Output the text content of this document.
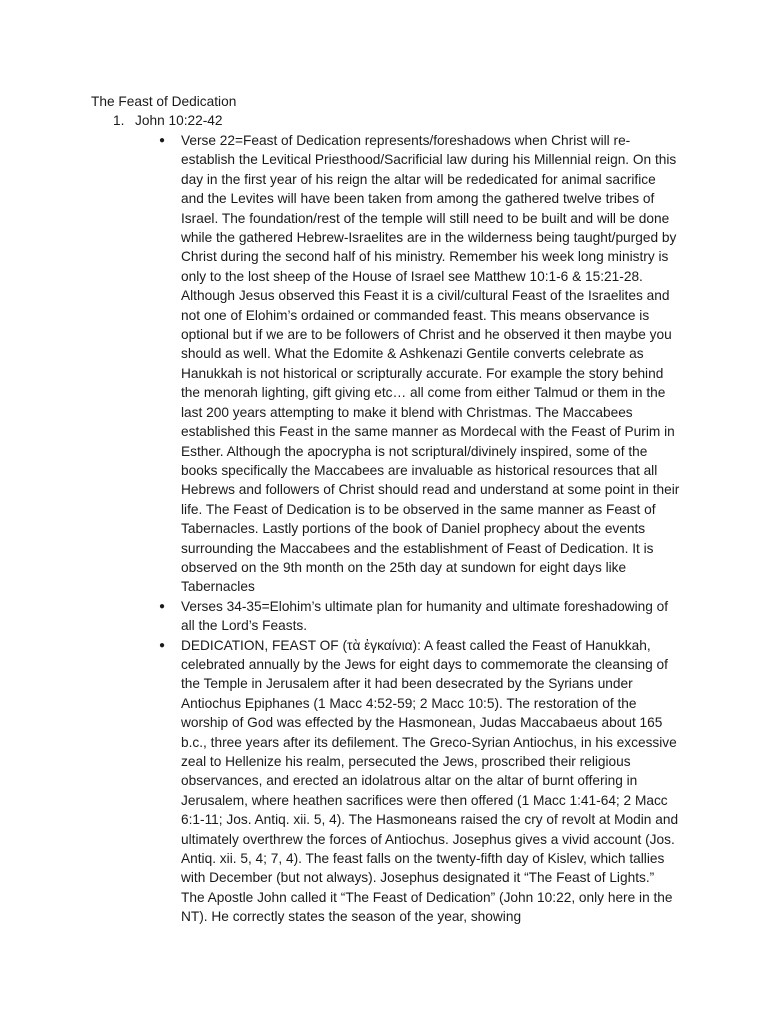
The Feast of Dedication
1. John 10:22-42
● Verse 22=Feast of Dedication represents/foreshadows when Christ will re-establish the Levitical Priesthood/Sacrificial law during his Millennial reign. On this day in the first year of his reign the altar will be rededicated for animal sacrifice and the Levites will have been taken from among the gathered twelve tribes of Israel. The foundation/rest of the temple will still need to be built and will be done while the gathered Hebrew-Israelites are in the wilderness being taught/purged by Christ during the second half of his ministry. Remember his week long ministry is only to the lost sheep of the House of Israel see Matthew 10:1-6 & 15:21-28. Although Jesus observed this Feast it is a civil/cultural Feast of the Israelites and not one of Elohim’s ordained or commanded feast. This means observance is optional but if we are to be followers of Christ and he observed it then maybe you should as well. What the Edomite & Ashkenazi Gentile converts celebrate as Hanukkah is not historical or scripturally accurate. For example the story behind the menorah lighting, gift giving etc… all come from either Talmud or them in the last 200 years attempting to make it blend with Christmas. The Maccabees established this Feast in the same manner as Mordecal with the Feast of Purim in Esther. Although the apocrypha is not scriptural/divinely inspired, some of the books specifically the Maccabees are invaluable as historical resources that all Hebrews and followers of Christ should read and understand at some point in their life. The Feast of Dedication is to be observed in the same manner as Feast of Tabernacles. Lastly portions of the book of Daniel prophecy about the events surrounding the Maccabees and the establishment of Feast of Dedication. It is observed on the 9th month on the 25th day at sundown for eight days like Tabernacles
● Verses 34-35=Elohim’s ultimate plan for humanity and ultimate foreshadowing of all the Lord’s Feasts.
● DEDICATION, FEAST OF (τὰ ἐγκαίνια): A feast called the Feast of Hanukkah, celebrated annually by the Jews for eight days to commemorate the cleansing of the Temple in Jerusalem after it had been desecrated by the Syrians under Antiochus Epiphanes (1 Macc 4:52-59; 2 Macc 10:5). The restoration of the worship of God was effected by the Hasmonean, Judas Maccabaeus about 165 b.c., three years after its defilement. The Greco-Syrian Antiochus, in his excessive zeal to Hellenize his realm, persecuted the Jews, proscribed their religious observances, and erected an idolatrous altar on the altar of burnt offering in Jerusalem, where heathen sacrifices were then offered (1 Macc 1:41-64; 2 Macc 6:1-11; Jos. Antiq. xii. 5, 4). The Hasmoneans raised the cry of revolt at Modin and ultimately overthrew the forces of Antiochus. Josephus gives a vivid account (Jos. Antiq. xii. 5, 4; 7, 4). The feast falls on the twenty-fifth day of Kislev, which tallies with December (but not always). Josephus designated it “The Feast of Lights.” The Apostle John called it “The Feast of Dedication” (John 10:22, only here in the NT). He correctly states the season of the year, showing
